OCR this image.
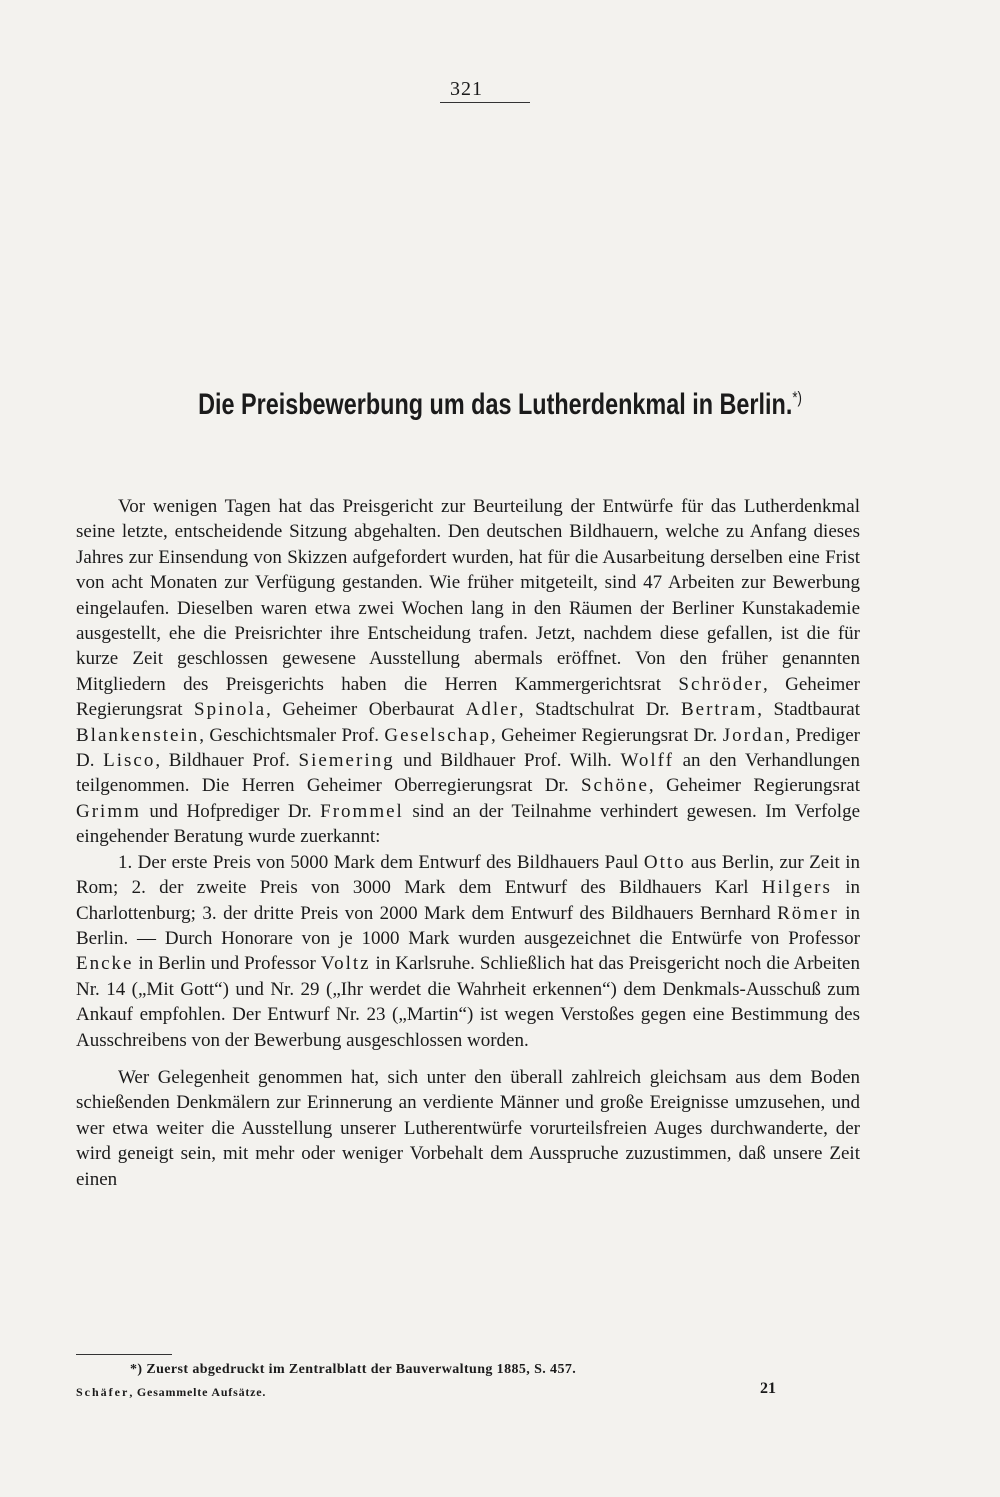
321
Die Preisbewerbung um das Lutherdenkmal in Berlin.*)

Vor wenigen Tagen hat das Preisgericht zur Beurteilung der Entwürfe für das Lutherdenkmal seine letzte, entscheidende Sitzung abgehalten. Den deutschen Bildhauern, welche zu Anfang dieses Jahres zur Einsendung von Skizzen aufgefordert wurden, hat für die Ausarbeitung derselben eine Frist von acht Monaten zur Verfügung gestanden. Wie früher mitgeteilt, sind 47 Arbeiten zur Bewerbung eingelaufen. Dieselben waren etwa zwei Wochen lang in den Räumen der Berliner Kunstakademie ausgestellt, ehe die Preisrichter ihre Entscheidung trafen. Jetzt, nachdem diese gefallen, ist die für kurze Zeit geschlossen gewesene Ausstellung abermals eröffnet. Von den früher genannten Mitgliedern des Preisgerichts haben die Herren Kammergerichtsrat Schröder, Geheimer Regierungsrat Spinola, Geheimer Oberbaurat Adler, Stadtschulrat Dr. Bertram, Stadtbaurat Blankenstein, Geschichtsmaler Prof. Geselschap, Geheimer Regierungsrat Dr. Jordan, Prediger D. Lisco, Bildhauer Prof. Siemering und Bildhauer Prof. Wilh. Wolff an den Verhandlungen teilgenommen. Die Herren Geheimer Oberregierungsrat Dr. Schöne, Geheimer Regierungsrat Grimm und Hofprediger Dr. Frommel sind an der Teilnahme verhindert gewesen. Im Verfolge eingehender Beratung wurde zuerkannt:

1. Der erste Preis von 5000 Mark dem Entwurf des Bildhauers Paul Otto aus Berlin, zur Zeit in Rom; 2. der zweite Preis von 3000 Mark dem Entwurf des Bildhauers Karl Hilgers in Charlottenburg; 3. der dritte Preis von 2000 Mark dem Entwurf des Bildhauers Bernhard Römer in Berlin. — Durch Honorare von je 1000 Mark wurden ausgezeichnet die Entwürfe von Professor Encke in Berlin und Professor Voltz in Karlsruhe. Schließlich hat das Preisgericht noch die Arbeiten Nr. 14 („Mit Gott“) und Nr. 29 („Ihr werdet die Wahrheit erkennen“) dem Denkmals-Ausschuß zum Ankauf empfohlen. Der Entwurf Nr. 23 („Martin“) ist wegen Verstoßes gegen eine Bestimmung des Ausschreibens von der Bewerbung ausgeschlossen worden.

Wer Gelegenheit genommen hat, sich unter den überall zahlreich gleichsam aus dem Boden schießenden Denkmälern zur Erinnerung an verdiente Männer und große Ereignisse umzusehen, und wer etwa weiter die Ausstellung unserer Lutherentwürfe vorurteilsfreien Auges durchwanderte, der wird geneigt sein, mit mehr oder weniger Vorbehalt dem Ausspruche zuzustimmen, daß unsere Zeit einen

*) Zuerst abgedruckt im Zentralblatt der Bauverwaltung 1885, S. 457.
Schäfer, Gesammelte Aufsätze.	21
